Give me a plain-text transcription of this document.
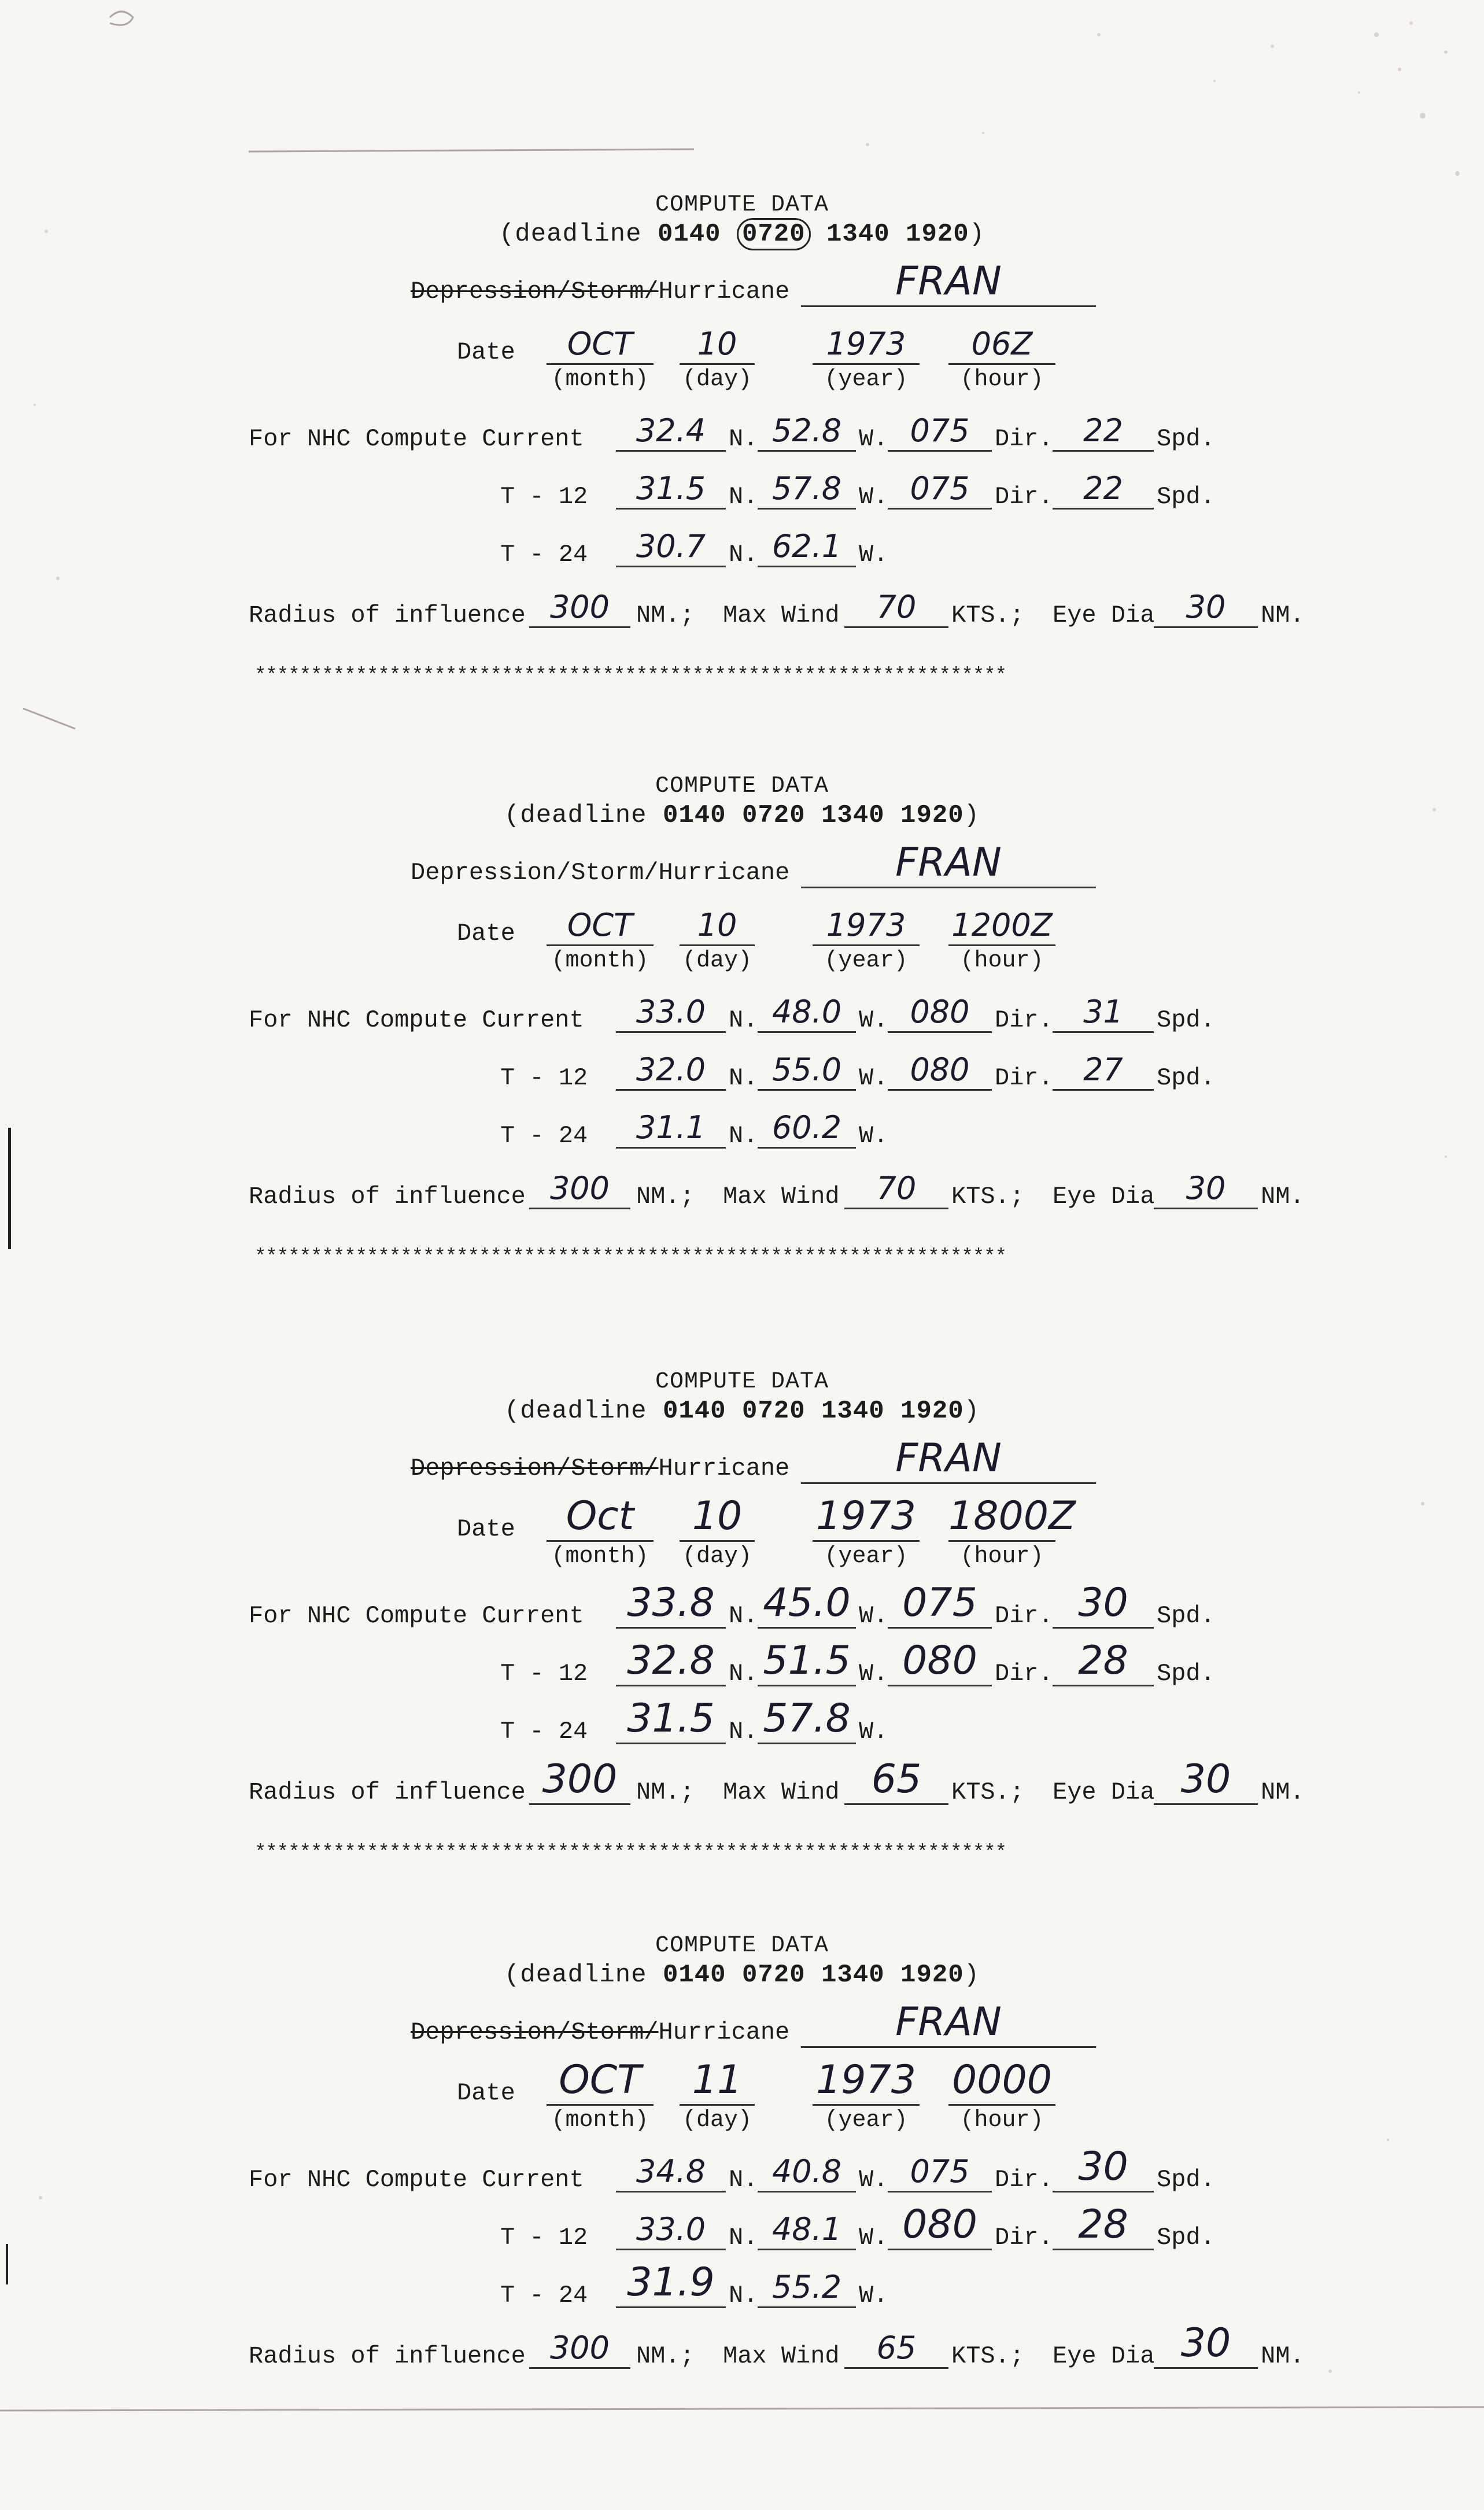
COMPUTE DATA
(deadline 0140 0720 1340 1920)
Depression/Storm/Hurricane	FRAN
Date	OCT	10	1973	06Z
(month) (day)	(year)	(hour)
For NHC Compute Current	32.4 N. 52.8 W. 075	Dir. 22	Spd.
T - 12	31.5 N. 57.8 W. 075	Dir. 22	Spd.
T - 24	30.7 N. 62.1 W.
Radius of influence 300	NM.; Max Wind	70	KTS.; Eye Dia	30	NM.
*******************************************************************
COMPUTE DATA
(deadline 0140 0720 1340 1920)
Depression/Storm/Hurricane	FRAN
Date	OCT	10	1973	1200Z
(month) (day)	(year)	(hour)
For NHC Compute Current	33.0 N. 48.0 W. 080	Dir. 31	Spd.
T - 12	32.0 N. 55.0 W. 080	Dir. 27	Spd.
T - 24	31.1 N. 60.2 W.
Radius of influence 300	NM.; Max Wind	70	KTS.; Eye Dia	30	NM.
*******************************************************************
COMPUTE DATA
(deadline 0140 0720 1340 1920)
Depression/Storm/Hurricane	FRAN
Date	Oct	10	1973 1800Z
(month) (day)	(year)	(hour)
For NHC Compute Current 33.8 N. 45.0 W. 075 Dir. 30	Spd.
T - 12 32.8 N. 51.5 W. 080 Dir. 28	Spd.
T - 24 31.5 N. 57.8 W.
Radius of influence 300 NM.; Max Wind 65	KTS.; Eye Dia 30	NM.
*******************************************************************
COMPUTE DATA
(deadline 0140 0720 1340 1920)
Depression/Storm/Hurricane	FRAN
Date	OCT	11	1973 0000
(month) (day)	(year)	(hour)
For NHC Compute Current	34.8 N. 40.8 W. 075	Dir. 30	Spd.
T - 12	33.0 N. 48.1 W. 080 Dir. 28	Spd.
T - 24 31.9 N. 55.2 W.
Radius of influence 300	NM.; Max Wind	65	KTS.; Eye Dia 30	NM.
